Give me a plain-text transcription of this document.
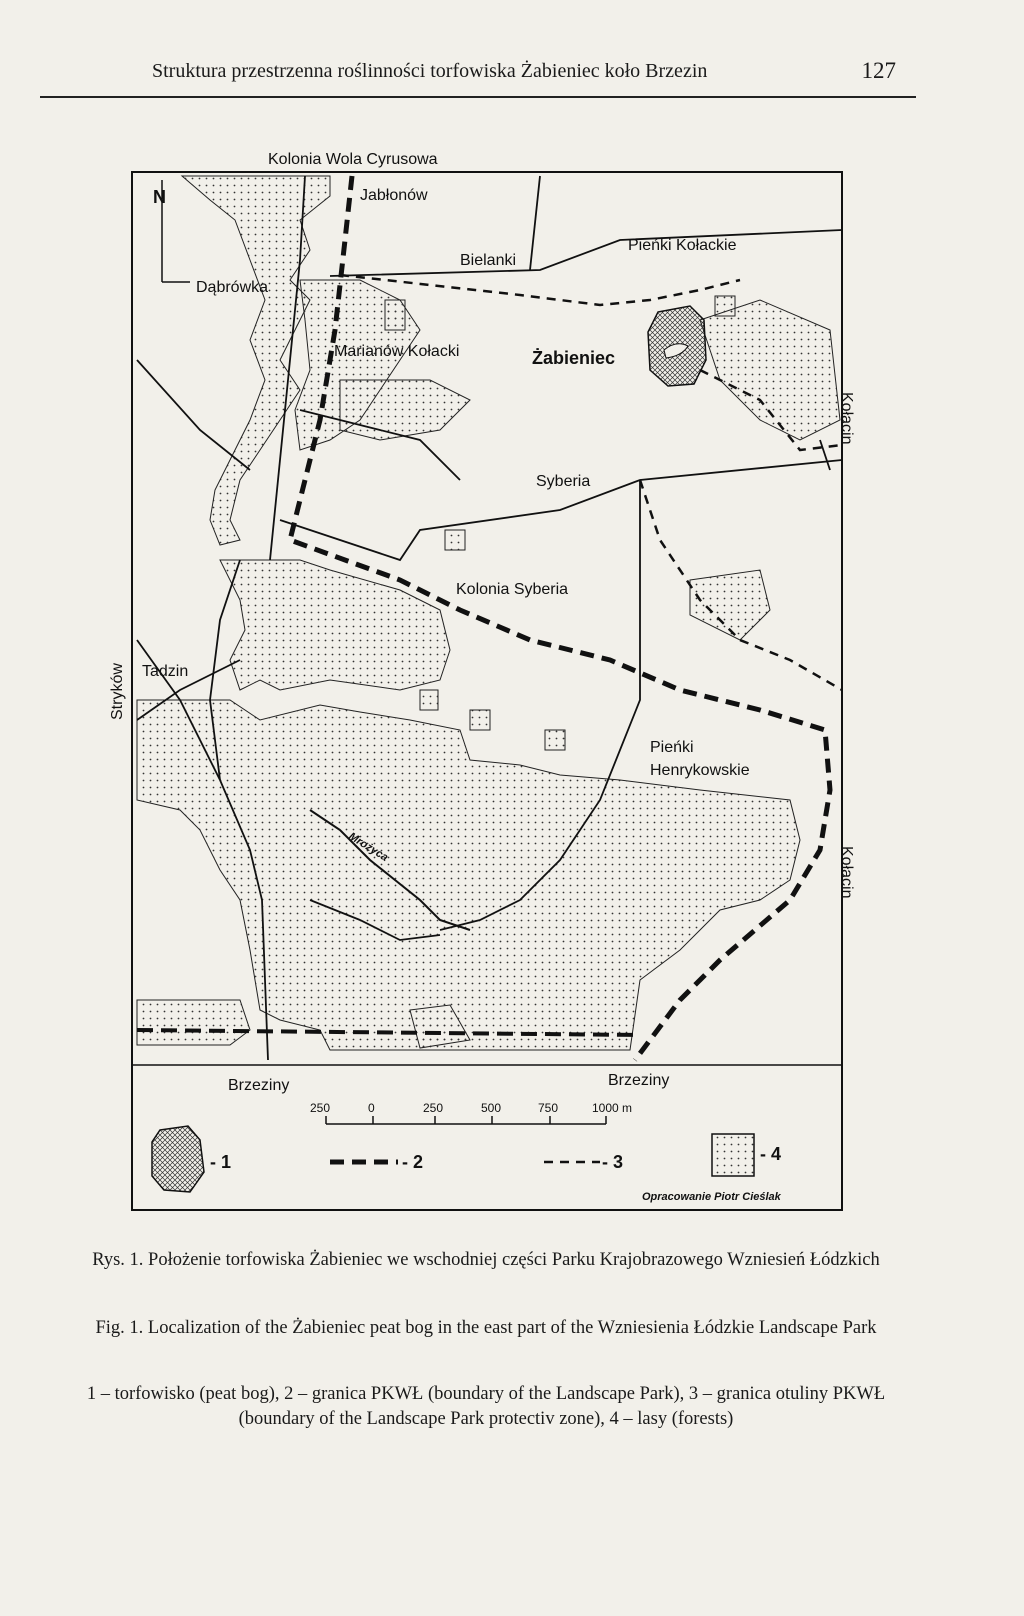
Struktura przestrzenna roślinności torfowiska Żabieniec koło Brzezin	127
N
Kolonia Wola Cyrusowa
Jabłonów
Bielanki
Pieńki Kołackie
Dąbrówka
Marianów Kołacki	Żabieniec
Kołacin
Syberia
Kolonia Syberia
Stryków Tadzin
Pieńki
Henrykowskie
Mrożyca	Kołacin
Brzeziny	Brzeziny
250	0	250	500	750	1000 m
- 1	- 2	- 3	- 4
Opracowanie Piotr Cieślak
Rys. 1. Położenie torfowiska Żabieniec we wschodniej części Parku Krajobrazowego Wzniesień Łódzkich
Fig. 1. Localization of the Żabieniec peat bog in the east part of the Wzniesienia Łódzkie Landscape Park
1 – torfowisko (peat bog), 2 – granica PKWŁ (boundary of the Landscape Park), 3 – granica otuliny PKWŁ (boundary of the Landscape Park protectiv zone), 4 – lasy (forests)
